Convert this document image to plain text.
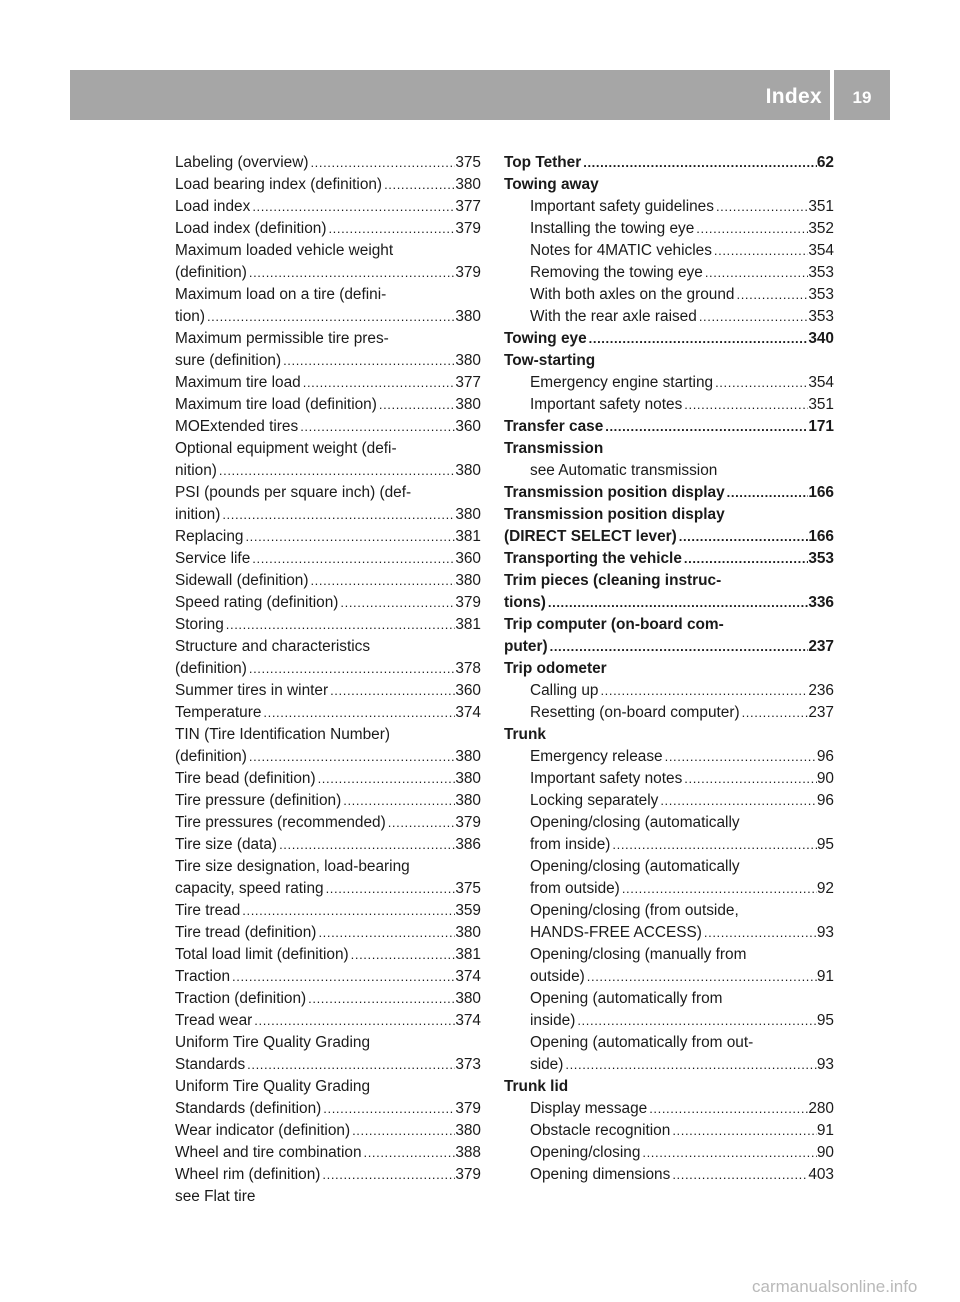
Index	19
Labeling (overview) .....	375
Load bearing index (definition) .....	380
Load index .....	377
Load index (definition) .....	379
Maximum loaded vehicle weight
(definition) .....	379
Maximum load on a tire (defini-
tion) .....	380
Maximum permissible tire pres-
sure (definition) .....	380
Maximum tire load .....	377
Maximum tire load (definition) .....	380
MOExtended tires .....	360
Optional equipment weight (defi-
nition) .....	380
PSI (pounds per square inch) (def-
inition) .....	380
Replacing .....	381
Service life .....	360
Sidewall (definition) .....	380
Speed rating (definition) .....	379
Storing .....	381
Structure and characteristics
(definition) .....	378
Summer tires in winter .....	360
Temperature .....	374
TIN (Tire Identification Number)
(definition) .....	380
Tire bead (definition) .....	380
Tire pressure (definition) .....	380
Tire pressures (recommended) .....	379
Tire size (data) .....	386
Tire size designation, load-bearing
capacity, speed rating .....	375
Tire tread .....	359
Tire tread (definition) .....	380
Total load limit (definition) .....	381
Traction .....	374
Traction (definition) .....	380
Tread wear .....	374
Uniform Tire Quality Grading
Standards .....	373
Uniform Tire Quality Grading
Standards (definition) .....	379
Wear indicator (definition) .....	380
Wheel and tire combination .....	388
Wheel rim (definition) .....	379
see Flat tire
Top Tether .....	62
Towing away
Important safety guidelines .....	351
Installing the towing eye .....	352
Notes for 4MATIC vehicles .....	354
Removing the towing eye .....	353
With both axles on the ground .....	353
With the rear axle raised .....	353
Towing eye .....	340
Tow-starting
Emergency engine starting .....	354
Important safety notes .....	351
Transfer case .....	171
Transmission
see Automatic transmission
Transmission position display .....	166
Transmission position display
(DIRECT SELECT lever) .....	166
Transporting the vehicle .....	353
Trim pieces (cleaning instruc-
tions) .....	336
Trip computer (on-board com-
puter) .....	237
Trip odometer
Calling up .....	236
Resetting (on-board computer) .....	237
Trunk
Emergency release .....	96
Important safety notes .....	90
Locking separately .....	96
Opening/closing (automatically
from inside) .....	95
Opening/closing (automatically
from outside) .....	92
Opening/closing (from outside,
HANDS-FREE ACCESS) .....	93
Opening/closing (manually from
outside) .....	91
Opening (automatically from
inside) .....	95
Opening (automatically from out-
side) .....	93
Trunk lid
Display message .....	280
Obstacle recognition .....	91
Opening/closing .....	90
Opening dimensions .....	403
carmanualsonline.info
